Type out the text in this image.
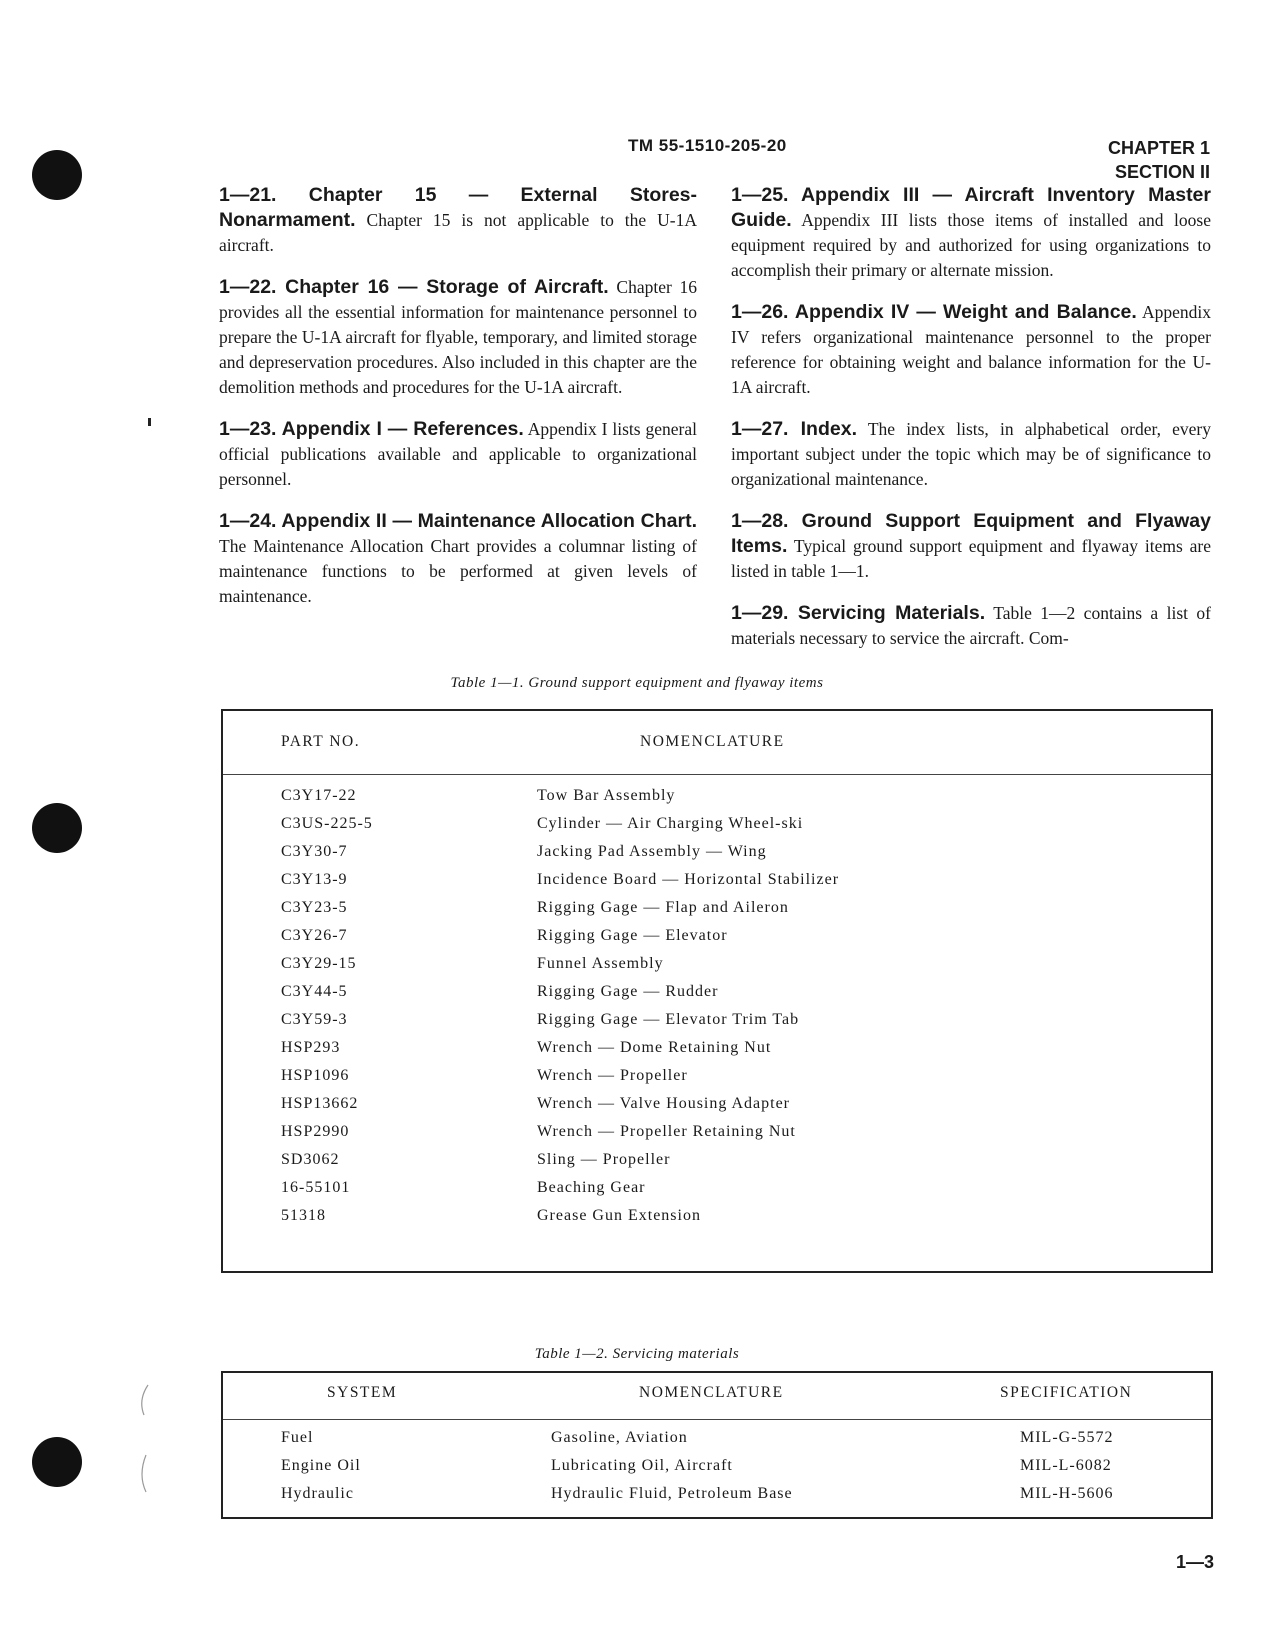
TM 55-1510-205-20	CHAPTER 1
SECTION II

1—21. Chapter 15 — External Stores-Nonarmament. Chapter 15 is not applicable to the U-1A aircraft.

1—22. Chapter 16 — Storage of Aircraft. Chapter 16 provides all the essential information for maintenance personnel to prepare the U-1A aircraft for flyable, temporary, and limited storage and depreservation procedures. Also included in this chapter are the demolition methods and procedures for the U-1A aircraft.

1—23. Appendix I — References. Appendix I lists general official publications available and applicable to organizational personnel.

1—24. Appendix II — Maintenance Allocation Chart. The Maintenance Allocation Chart provides a columnar listing of maintenance functions to be performed at given levels of maintenance.

1—25. Appendix III — Aircraft Inventory Master Guide. Appendix III lists those items of installed and loose equipment required by and authorized for using organizations to accomplish their primary or alternate mission.

1—26. Appendix IV — Weight and Balance. Appendix IV refers organizational maintenance personnel to the proper reference for obtaining weight and balance information for the U-1A aircraft.

1—27. Index. The index lists, in alphabetical order, every important subject under the topic which may be of significance to organizational maintenance.

1—28. Ground Support Equipment and Flyaway Items. Typical ground support equipment and flyaway items are listed in table 1—1.

1—29. Servicing Materials. Table 1—2 contains a list of materials necessary to service the aircraft. Com-

Table 1—1. Ground support equipment and flyaway items
PART NO.	NOMENCLATURE
C3Y17-22	Tow Bar Assembly
C3US-225-5	Cylinder — Air Charging Wheel-ski
C3Y30-7	Jacking Pad Assembly — Wing
C3Y13-9	Incidence Board — Horizontal Stabilizer
C3Y23-5	Rigging Gage — Flap and Aileron
C3Y26-7	Rigging Gage — Elevator
C3Y29-15	Funnel Assembly
C3Y44-5	Rigging Gage — Rudder
C3Y59-3	Rigging Gage — Elevator Trim Tab
HSP293	Wrench — Dome Retaining Nut
HSP1096	Wrench — Propeller
HSP13662	Wrench — Valve Housing Adapter
HSP2990	Wrench — Propeller Retaining Nut
SD3062	Sling — Propeller
16-55101	Beaching Gear
51318	Grease Gun Extension
Table 1—2. Servicing materials
SYSTEM	NOMENCLATURE	SPECIFICATION
Fuel	Gasoline, Aviation	MIL-G-5572
Engine Oil	Lubricating Oil, Aircraft	MIL-L-6082
Hydraulic	Hydraulic Fluid, Petroleum Base	MIL-H-5606
1—3
